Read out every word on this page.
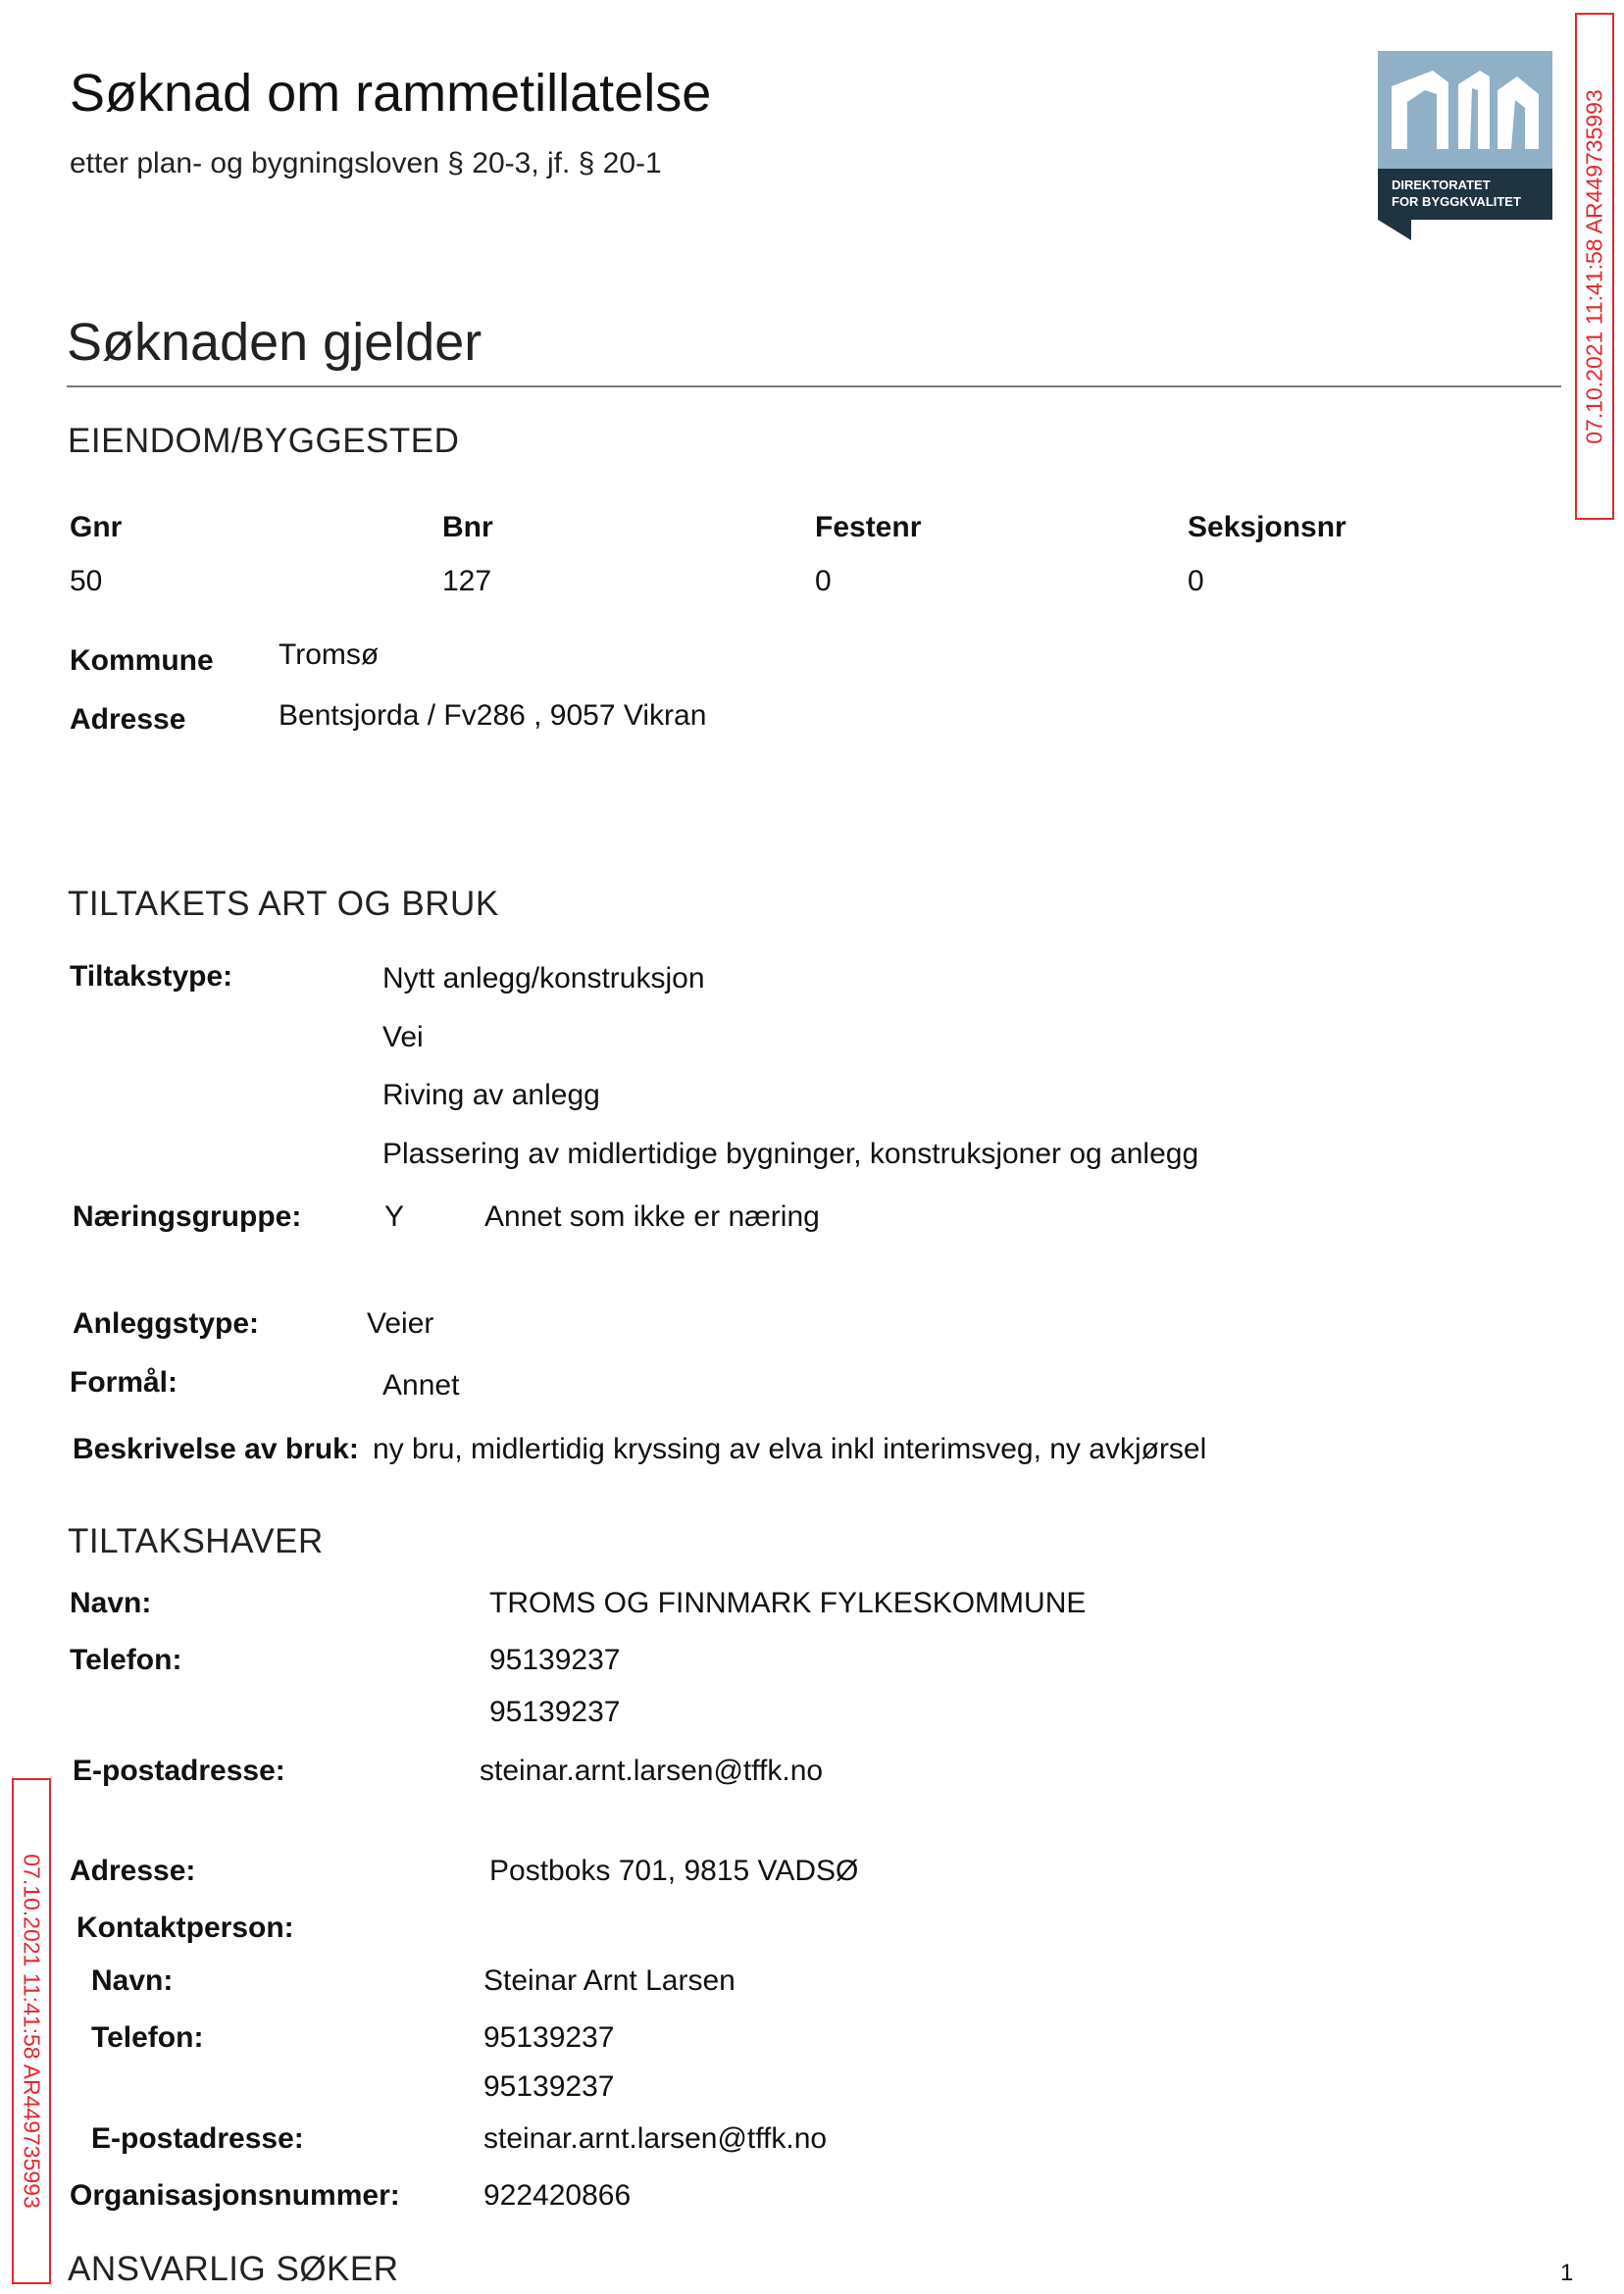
Søknad om rammetillatelse
etter plan- og bygningsloven § 20-3, jf. § 20-1
DIREKTORATET
FOR BYGGKVALITET	07.10.2021 11:41:58 AR449735993
07.10.2021 11:41:58 AR449735993
Søknaden gjelder
EIENDOM/BYGGESTED
Gnr	Bnr	Festenr	Seksjonsnr
50	127	0	0
Kommune Tromsø
Adresse	Bentsjorda / Fv286 , 9057 Vikran
TILTAKETS ART OG BRUK
Tiltakstype:	Nytt anlegg/konstruksjon
Vei
Riving av anlegg
Plassering av midlertidige bygninger, konstruksjoner og anlegg
Næringsgruppe:	Y	Annet som ikke er næring
Anleggstype:	Veier
Formål:	Annet
Beskrivelse av bruk: ny bru, midlertidig kryssing av elva inkl interimsveg, ny avkjørsel
TILTAKSHAVER
Navn:	TROMS OG FINNMARK FYLKESKOMMUNE
Telefon:	95139237
95139237
E-postadresse:	steinar.arnt.larsen@tffk.no
Adresse:	Postboks 701, 9815 VADSØ
Kontaktperson:
Navn:	Steinar Arnt Larsen
Telefon:	95139237
95139237
E-postadresse:	steinar.arnt.larsen@tffk.no
Organisasjonsnummer:	922420866
ANSVARLIG SØKER	1
